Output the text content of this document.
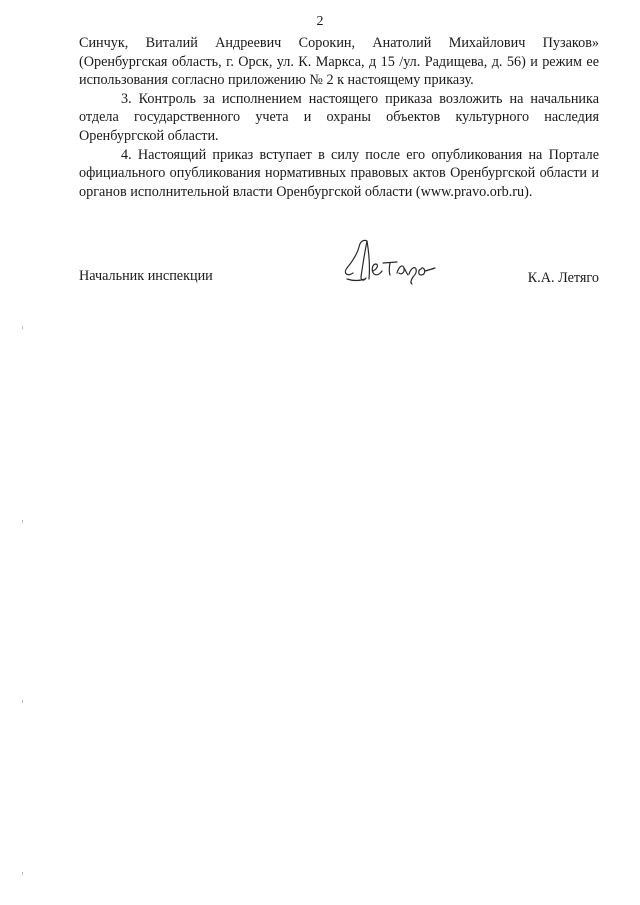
2

Синчук, Виталий Андреевич Сорокин, Анатолий Михайлович Пузаков» (Оренбургская область, г. Орск, ул. К. Маркса, д 15 /ул. Радищева, д. 56) и режим ее использования согласно приложению № 2 к настоящему приказу.

3. Контроль за исполнением настоящего приказа возложить на начальника отдела государственного учета и охраны объектов культурного наследия Оренбургской области.

4. Настоящий приказ вступает в силу после его опубликования на Портале официального опубликования нормативных правовых актов Оренбургской области и органов исполнительной власти Оренбургской области (www.pravo.orb.ru).

Начальник инспекции	К.А. Летяго
